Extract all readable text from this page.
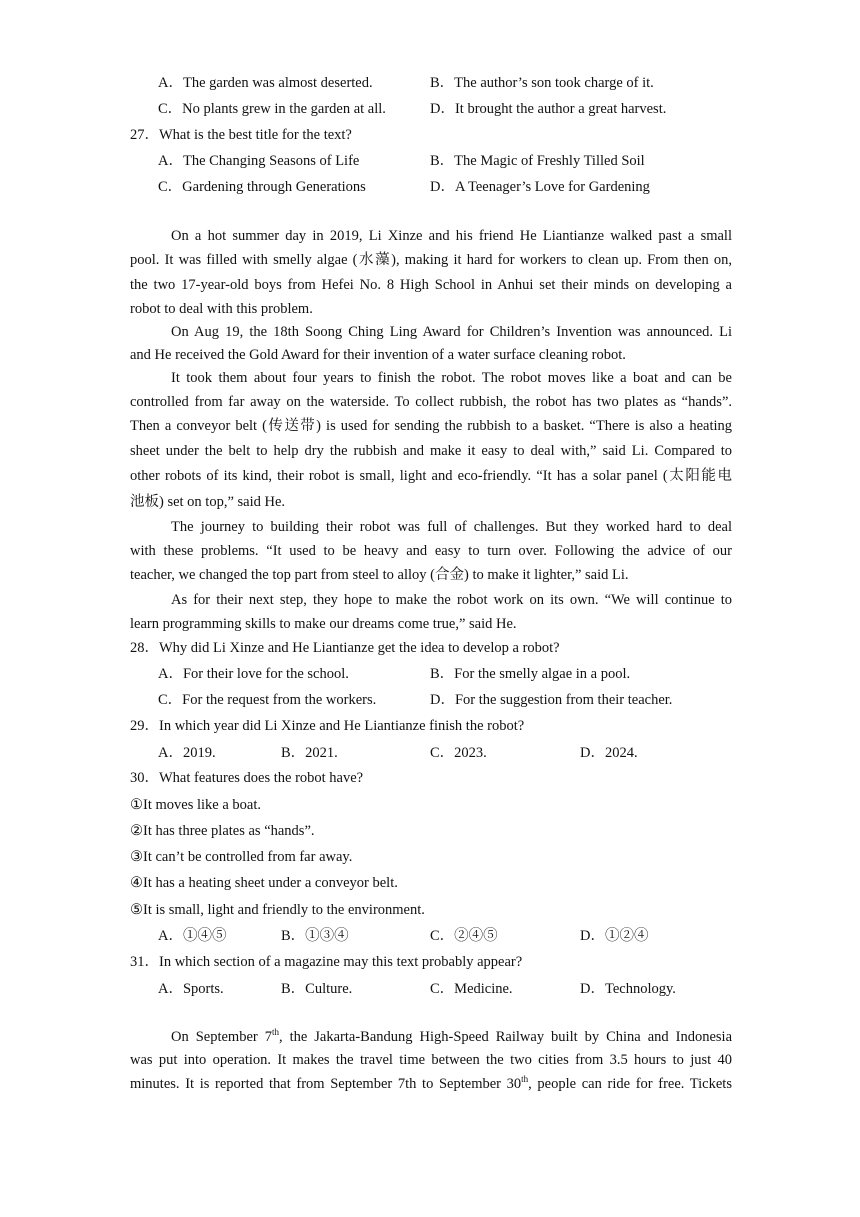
A．The garden was almost deserted.	B．The author’s son took charge of it.
C．No plants grew in the garden at all.	D．It brought the author a great harvest.
27．What is the best title for the text?
A．The Changing Seasons of Life	B．The Magic of Freshly Tilled Soil
C．Gardening through Generations	D．A Teenager’s Love for Gardening
On a hot summer day in 2019, Li Xinze and his friend He Liantianze walked past a small
pool. It was filled with smelly algae (水藻), making it hard for workers to clean up. From then on,
the two 17-year-old boys from Hefei No. 8 High School in Anhui set their minds on developing a
robot to deal with this problem.
On Aug 19, the 18th Soong Ching Ling Award for Children’s Invention was announced. Li
and He received the Gold Award for their invention of a water surface cleaning robot.
It took them about four years to finish the robot. The robot moves like a boat and can be
controlled from far away on the waterside. To collect rubbish, the robot has two plates as “hands”.
Then a conveyor belt (传送带) is used for sending the rubbish to a basket. “There is also a heating
sheet under the belt to help dry the rubbish and make it easy to deal with,” said Li. Compared to
other robots of its kind, their robot is small, light and eco-friendly. “It has a solar panel (太阳能电
池板) set on top,” said He.
The journey to building their robot was full of challenges. But they worked hard to deal
with these problems. “It used to be heavy and easy to turn over. Following the advice of our
teacher, we changed the top part from steel to alloy (合金) to make it lighter,” said Li.
As for their next step, they hope to make the robot work on its own. “We will continue to
learn programming skills to make our dreams come true,” said He.
28．Why did Li Xinze and He Liantianze get the idea to develop a robot?
A．For their love for the school.	B．For the smelly algae in a pool.
C．For the request from the workers.	D．For the suggestion from their teacher.
29．In which year did Li Xinze and He Liantianze finish the robot?
A．2019.	B．2021.	C．2023.	D．2024.
30．What features does the robot have?
①It moves like a boat.
②It has three plates as “hands”.
③It can’t be controlled from far away.
④It has a heating sheet under a conveyor belt.
⑤It is small, light and friendly to the environment.
A．①④⑤	B．①③④	C．②④⑤	D．①②④
31．In which section of a magazine may this text probably appear?
A．Sports.	B．Culture.	C．Medicine.	D．Technology.
On September 7th, the Jakarta-Bandung High-Speed Railway built by China and Indonesia
was put into operation. It makes the travel time between the two cities from 3.5 hours to just 40
minutes. It is reported that from September 7th to September 30th, people can ride for free. Tickets
